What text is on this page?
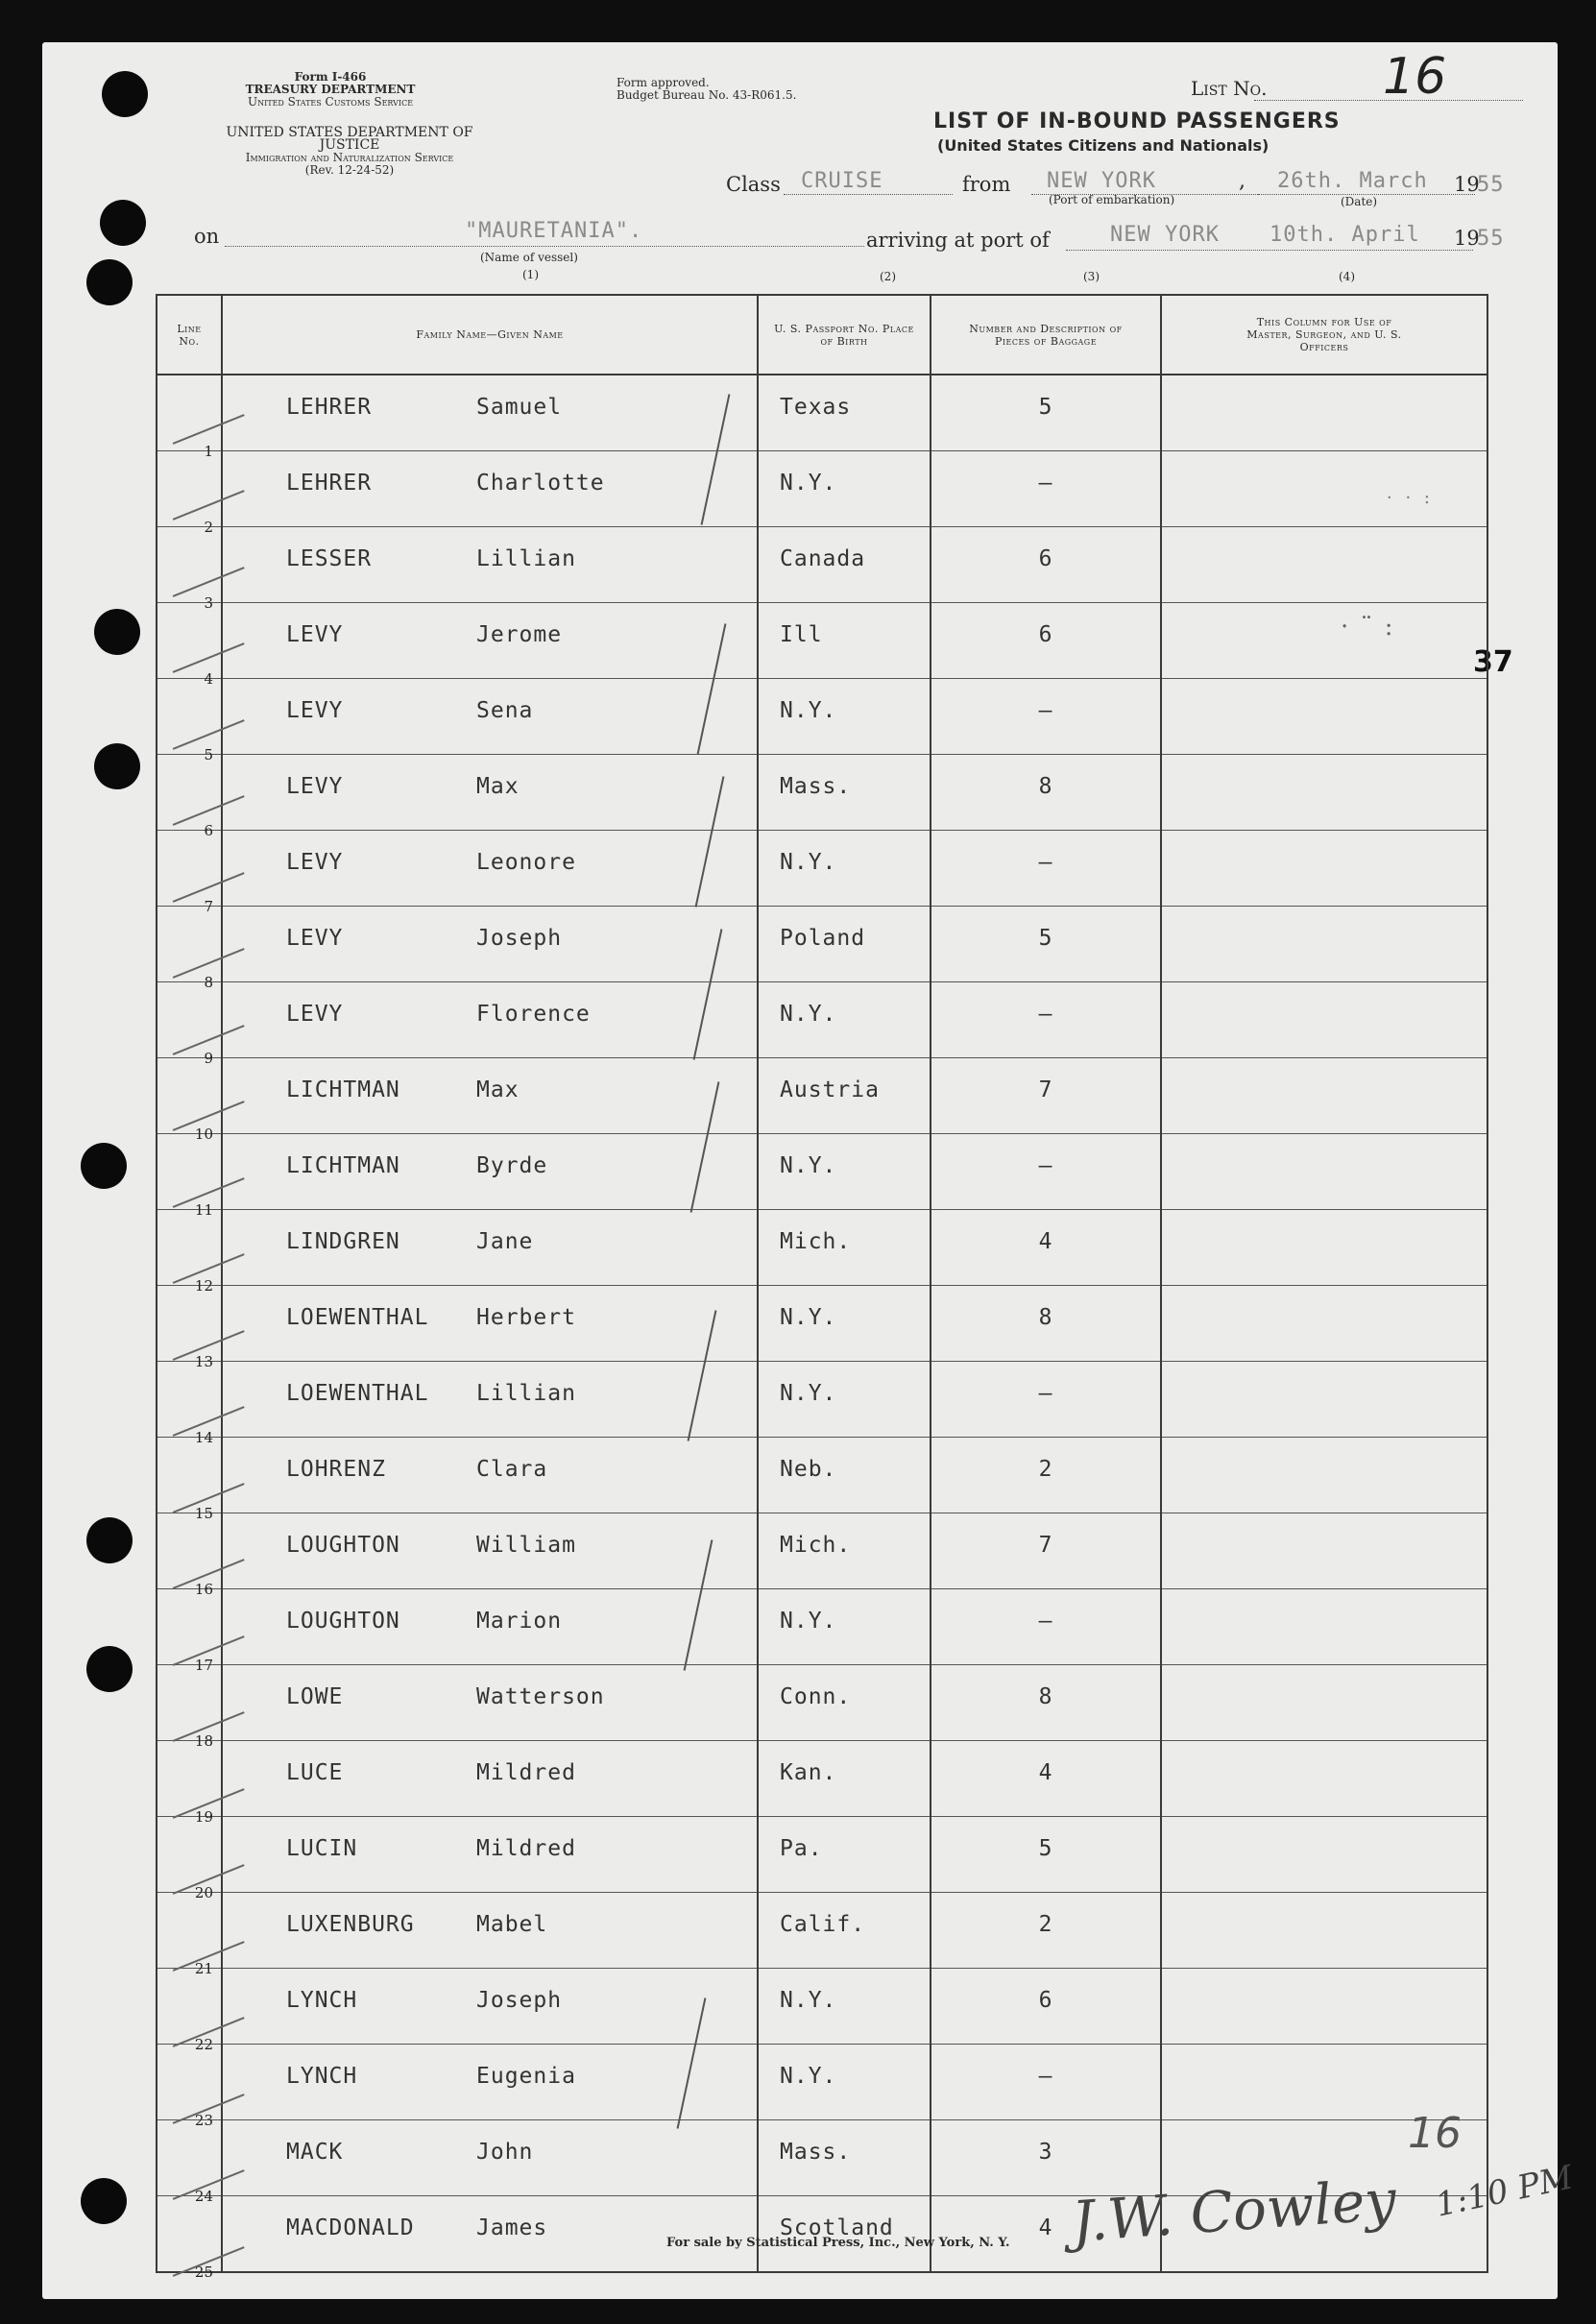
Form I-466
TREASURY DEPARTMENT
United States Customs Service
UNITED STATES DEPARTMENT OF JUSTICE
Immigration and Naturalization Service
(Rev. 12-24-52)
Form approved.
Budget Bureau No. 43-R061.5.	List No. 16
LIST OF IN-BOUND PASSENGERS
(United States Citizens and Nationals)
Class CRUISE	from NEW YORK
(Port of embarkation)
, 26th. March
(Date)
19
55
on	"MAURETANIA".
(Name of vessel)
(1)
arriving at port of
(2)
NEW YORK
(3)
10th. April
(4)
19
55
37
· ¨ :
· · :
Line No.	Family Name—Given Name	U. S. Passport No. Place of Birth	Number and Description of Pieces of Baggage	This Column for Use of Master, Surgeon, and U. S. Officers

1	LEHRER Samuel	Texas	5	

2	LEHRER Charlotte	N.Y.	–	

3	LESSER Lillian	Canada	6	

4	LEVY Jerome	Ill	6	

5	LEVY Sena	N.Y.	–	

6	LEVY Max	Mass.	8	

7	LEVY Leonore	N.Y.	–	

8	LEVY Joseph	Poland	5	

9	LEVY Florence	N.Y.	–	

10	LICHTMAN Max	Austria	7	

11	LICHTMAN Byrde	N.Y.	–	

12	LINDGREN Jane	Mich.	4	

13	LOEWENTHAL Herbert	N.Y.	8	

14	LOEWENTHAL Lillian	N.Y.	–	

15	LOHRENZ Clara	Neb.	2	

16	LOUGHTON William	Mich.	7	

17	LOUGHTON Marion	N.Y.	–	

18	LOWE Watterson	Conn.	8	

19	LUCE Mildred	Kan.	4	

20	LUCIN Mildred	Pa.	5	

21	LUXENBURG Mabel	Calif.	2	

22	LYNCH Joseph	N.Y.	6	

23	LYNCH Eugenia	N.Y.	–	

24	MACK John	Mass.	3	

25	MACDONALD James	Scotland	4	

16
J.W. Cowley 1:10 PM
For sale by Statistical Press, Inc., New York, N. Y.
